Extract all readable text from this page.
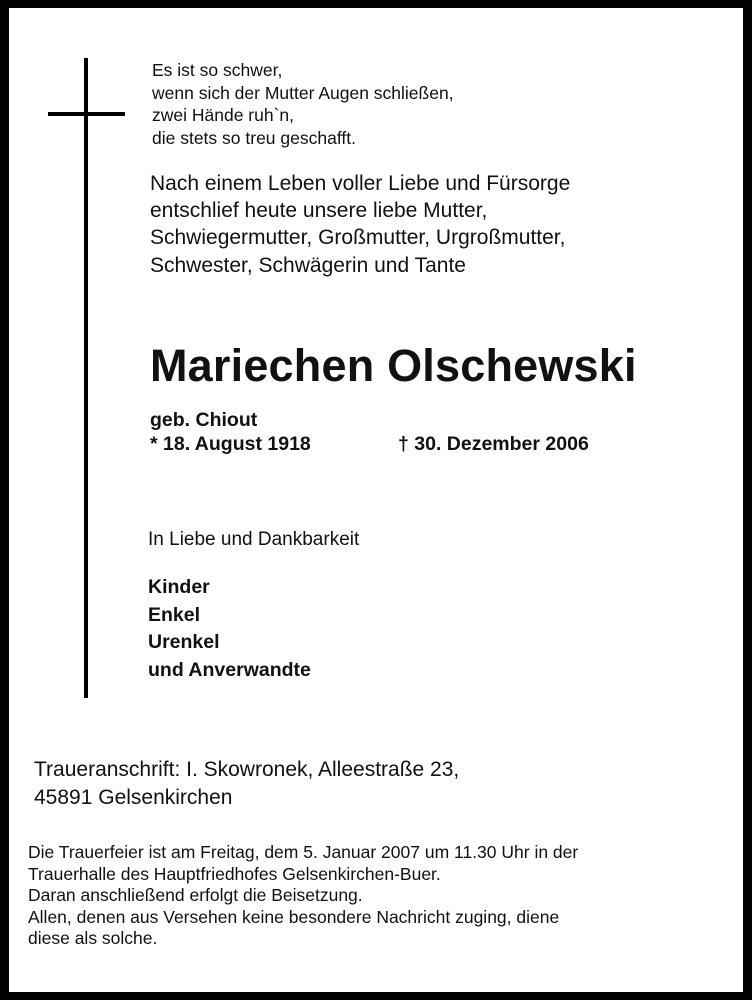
Es ist so schwer,
wenn sich der Mutter Augen schließen,
zwei Hände ruh`n,
die stets so treu geschafft.
Nach einem Leben voller Liebe und Fürsorge
entschlief heute unsere liebe Mutter,
Schwiegermutter, Großmutter, Urgroßmutter,
Schwester, Schwägerin und Tante
Mariechen Olschewski
geb. Chiout
* 18. August 1918	† 30. Dezember 2006
In Liebe und Dankbarkeit
Kinder
Enkel
Urenkel
und Anverwandte
Traueranschrift: I. Skowronek, Alleestraße 23,
45891 Gelsenkirchen
Die Trauerfeier ist am Freitag, dem 5. Januar 2007 um 11.30 Uhr in der
Trauerhalle des Hauptfriedhofes Gelsenkirchen-Buer.
Daran anschließend erfolgt die Beisetzung.
Allen, denen aus Versehen keine besondere Nachricht zuging, diene
diese als solche.
